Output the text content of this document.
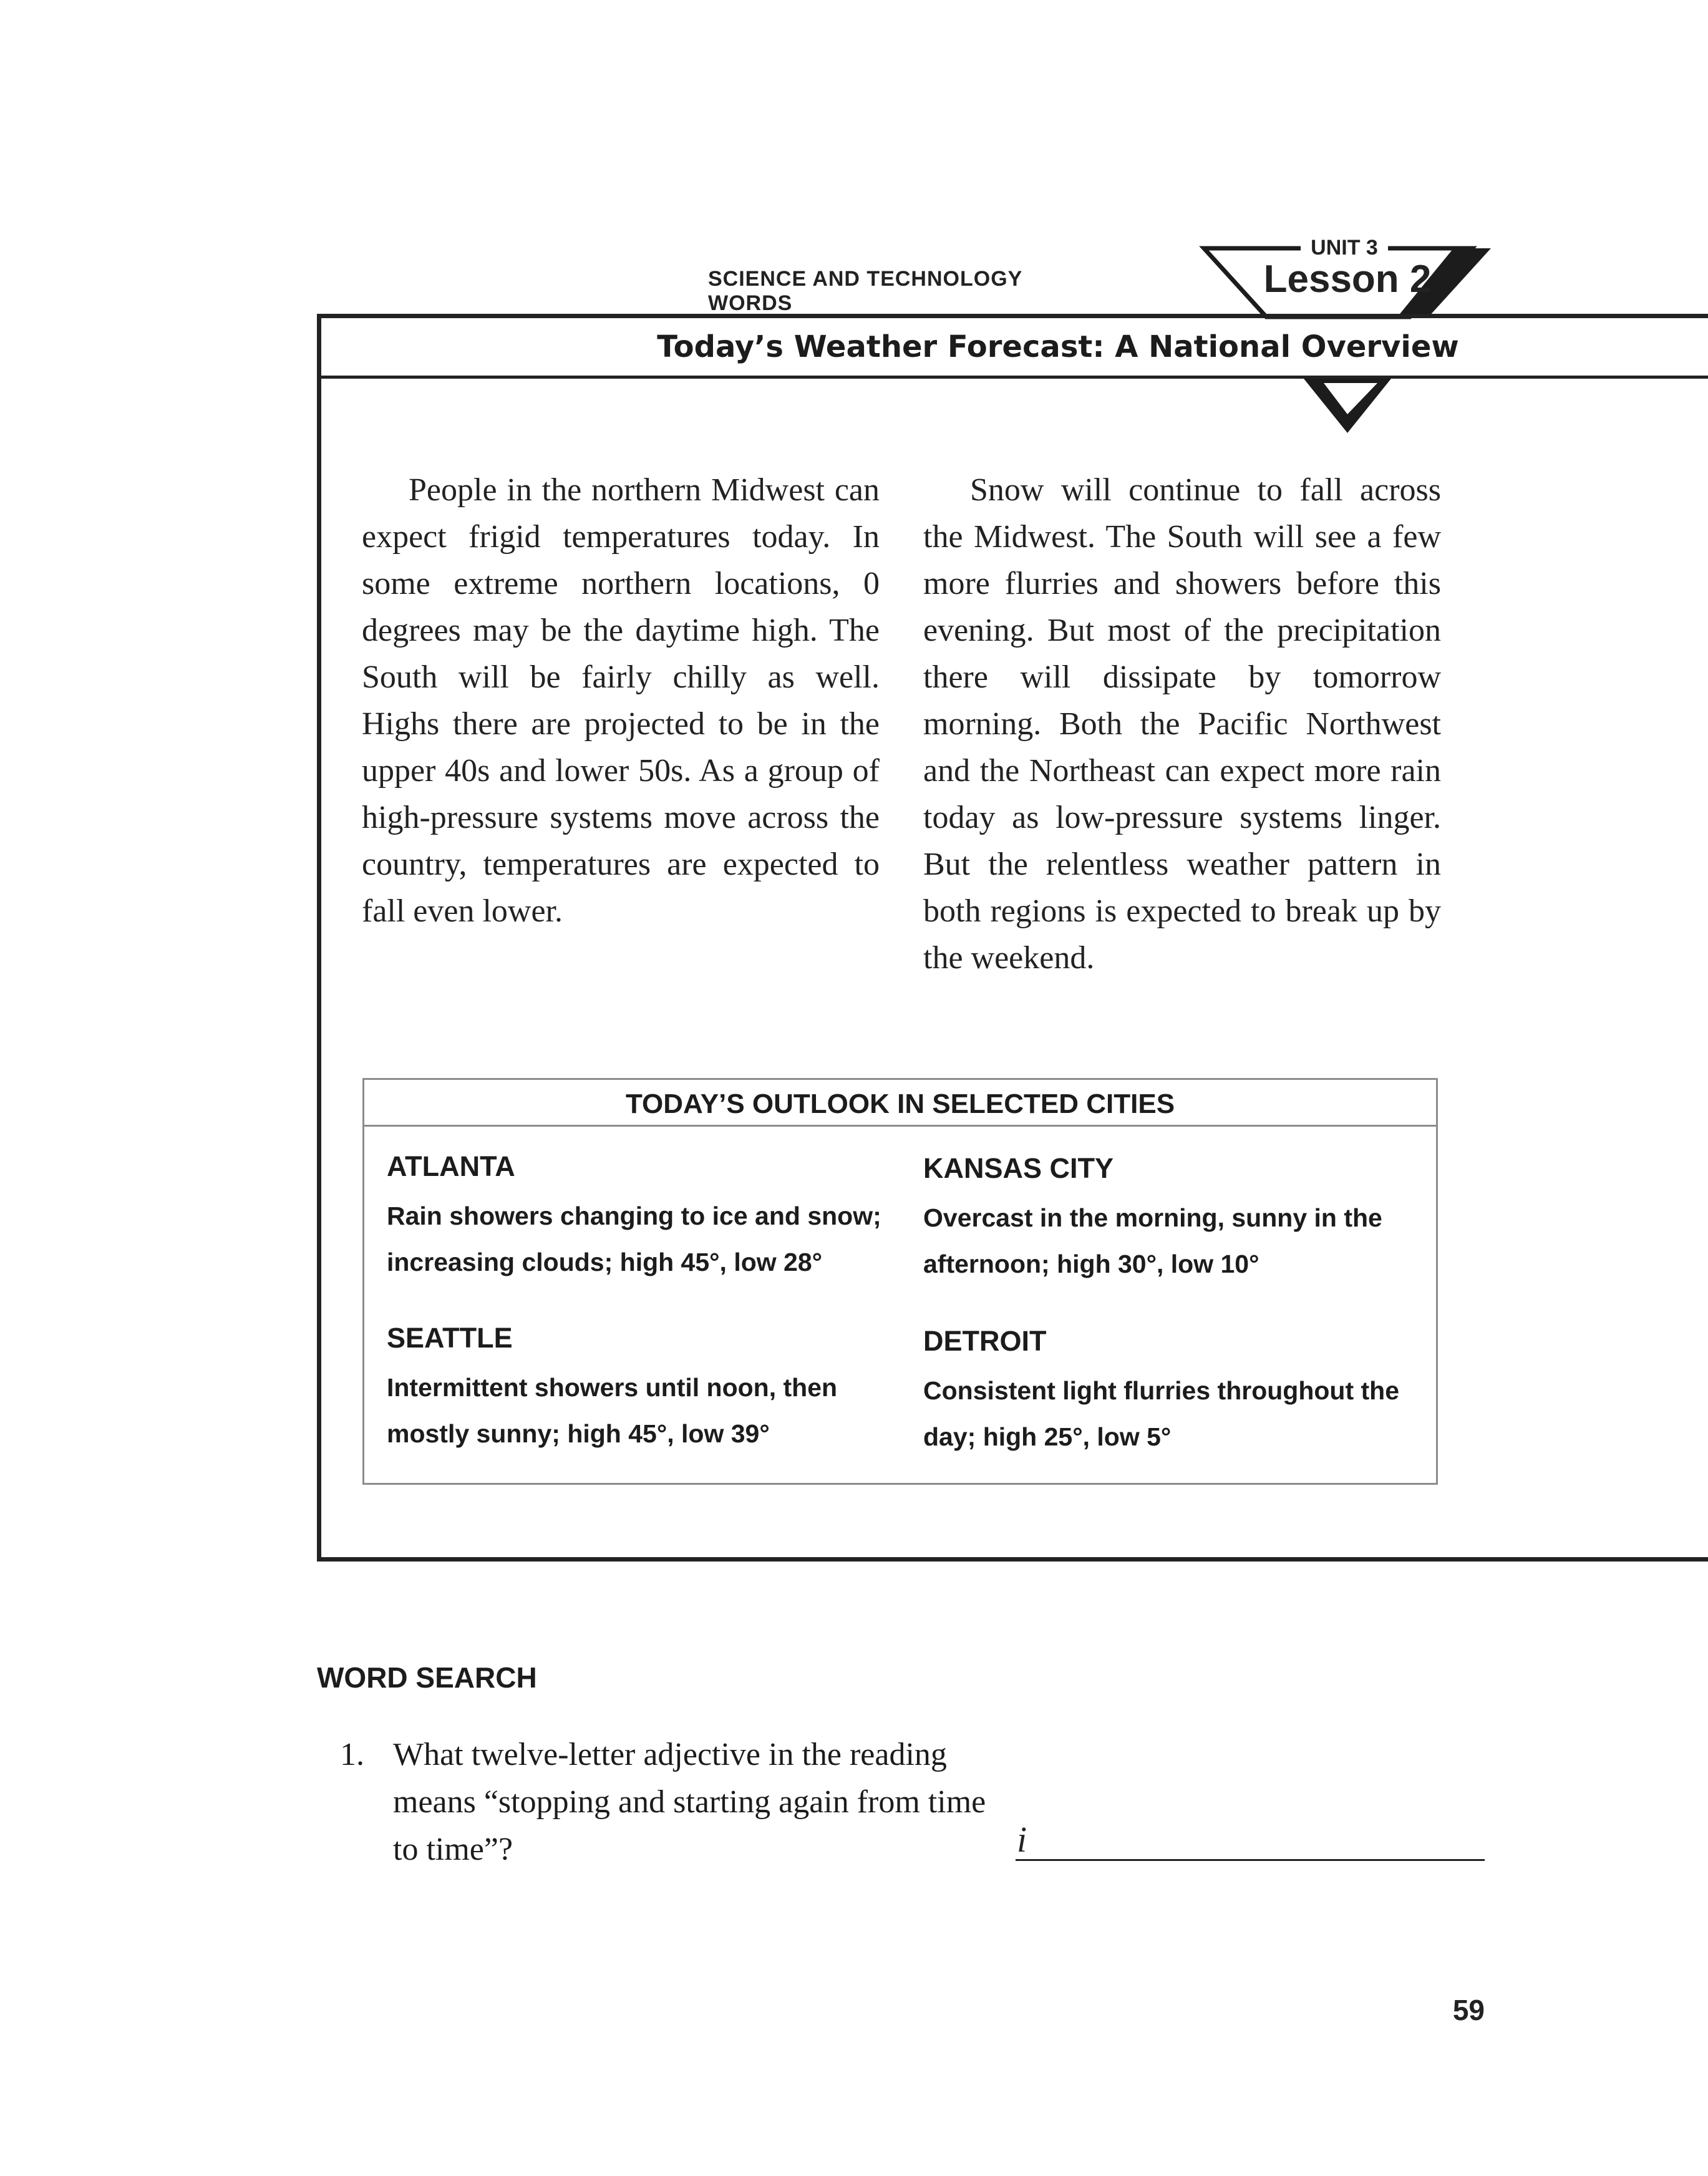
SCIENCE AND TECHNOLOGY WORDS
UNIT 3
Lesson 2
Today’s Weather Forecast: A National Overview

People in the northern Midwest can expect frigid temperatures today. In some extreme northern locations, 0 degrees may be the daytime high. The South will be fairly chilly as well. Highs there are projected to be in the upper 40s and lower 50s. As a group of high-pressure systems move across the country, temperatures are expected to fall even lower.

Snow will continue to fall across the Midwest. The South will see a few more flurries and showers before this evening. But most of the precipitation there will dissipate by tomorrow morning. Both the Pacific Northwest and the Northeast can expect more rain today as low-pressure systems linger. But the relentless weather pattern in both regions is expected to break up by the weekend.

TODAY’S OUTLOOK IN SELECTED CITIES
ATLANTA
Rain showers changing to ice and snow; increasing clouds; high 45°, low 28°
KANSAS CITY
Overcast in the morning, sunny in the afternoon; high 30°, low 10°
SEATTLE
Intermittent showers until noon, then mostly sunny; high 45°, low 39°
DETROIT
Consistent light flurries throughout the day; high 25°, low 5°
WORD SEARCH
1. What twelve-letter adjective in the reading means “stopping and starting again from time to time”?	i
59
